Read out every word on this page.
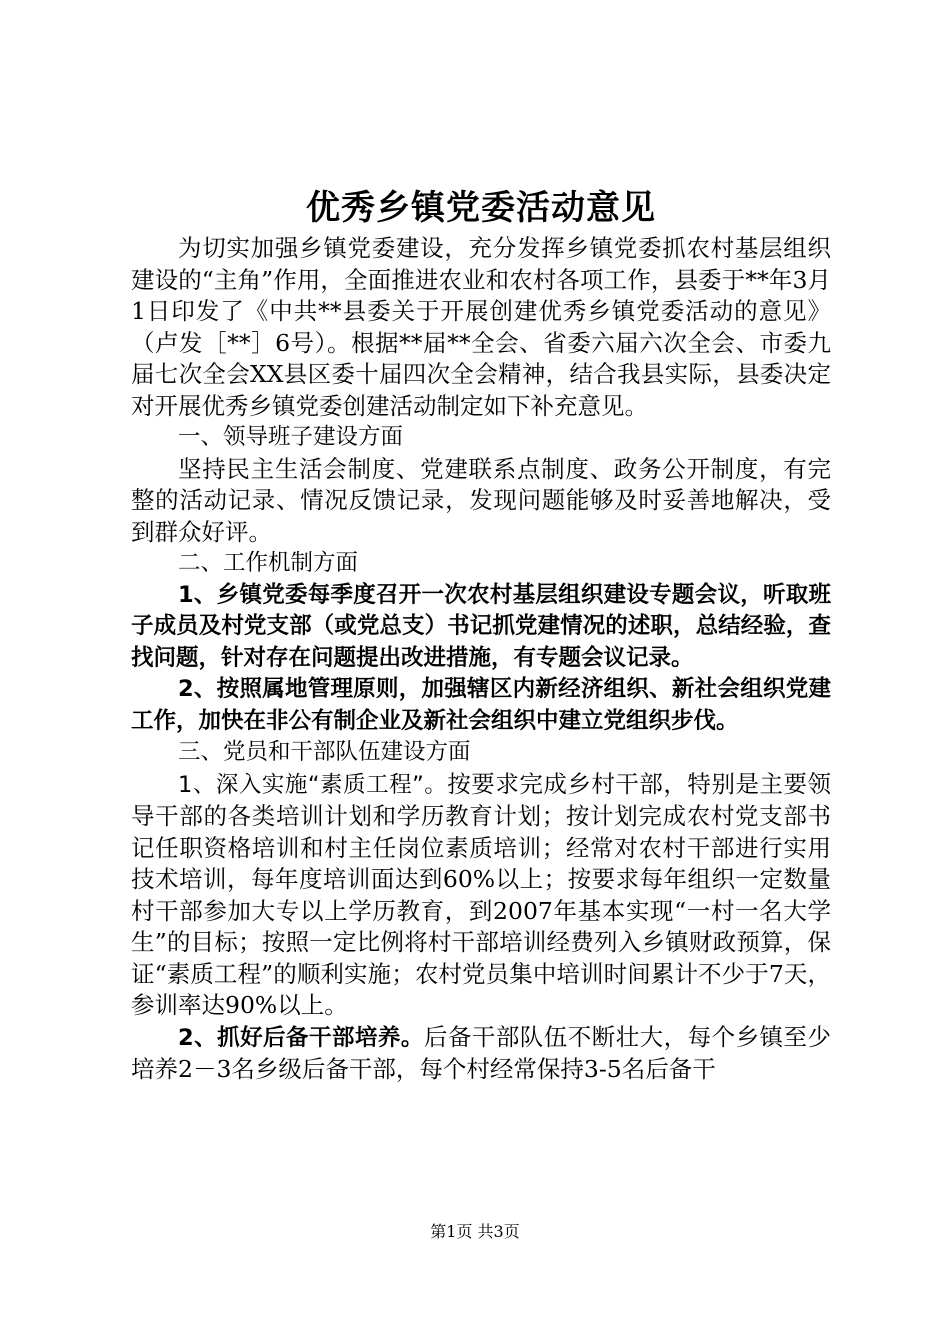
优秀乡镇党委活动意见

为切实加强乡镇党委建设，充分发挥乡镇党委抓农村基层组织建设的“主角”作用，全面推进农业和农村各项工作，县委于**年3月1日印发了《中共**县委关于开展创建优秀乡镇党委活动的意见》（卢发［**］6号）。根据**届**全会、省委六届六次全会、市委九届七次全会XX县区委十届四次全会精神，结合我县实际，县委决定对开展优秀乡镇党委创建活动制定如下补充意见。

一、领导班子建设方面

坚持民主生活会制度、党建联系点制度、政务公开制度，有完整的活动记录、情况反馈记录，发现问题能够及时妥善地解决，受到群众好评。

二、工作机制方面

1、乡镇党委每季度召开一次农村基层组织建设专题会议，听取班子成员及村党支部（或党总支）书记抓党建情况的述职，总结经验，查找问题，针对存在问题提出改进措施，有专题会议记录。

2、按照属地管理原则，加强辖区内新经济组织、新社会组织党建工作，加快在非公有制企业及新社会组织中建立党组织步伐。

三、党员和干部队伍建设方面

1、深入实施“素质工程”。按要求完成乡村干部，特别是主要领导干部的各类培训计划和学历教育计划；按计划完成农村党支部书记任职资格培训和村主任岗位素质培训；经常对农村干部进行实用技术培训，每年度培训面达到60%以上；按要求每年组织一定数量村干部参加大专以上学历教育，到2007年基本实现“一村一名大学生”的目标；按照一定比例将村干部培训经费列入乡镇财政预算，保证“素质工程”的顺利实施；农村党员集中培训时间累计不少于7天，参训率达90%以上。

2、抓好后备干部培养。后备干部队伍不断壮大，每个乡镇至少培养2－3名乡级后备干部，每个村经常保持3-5名后备干

第1页 共3页
